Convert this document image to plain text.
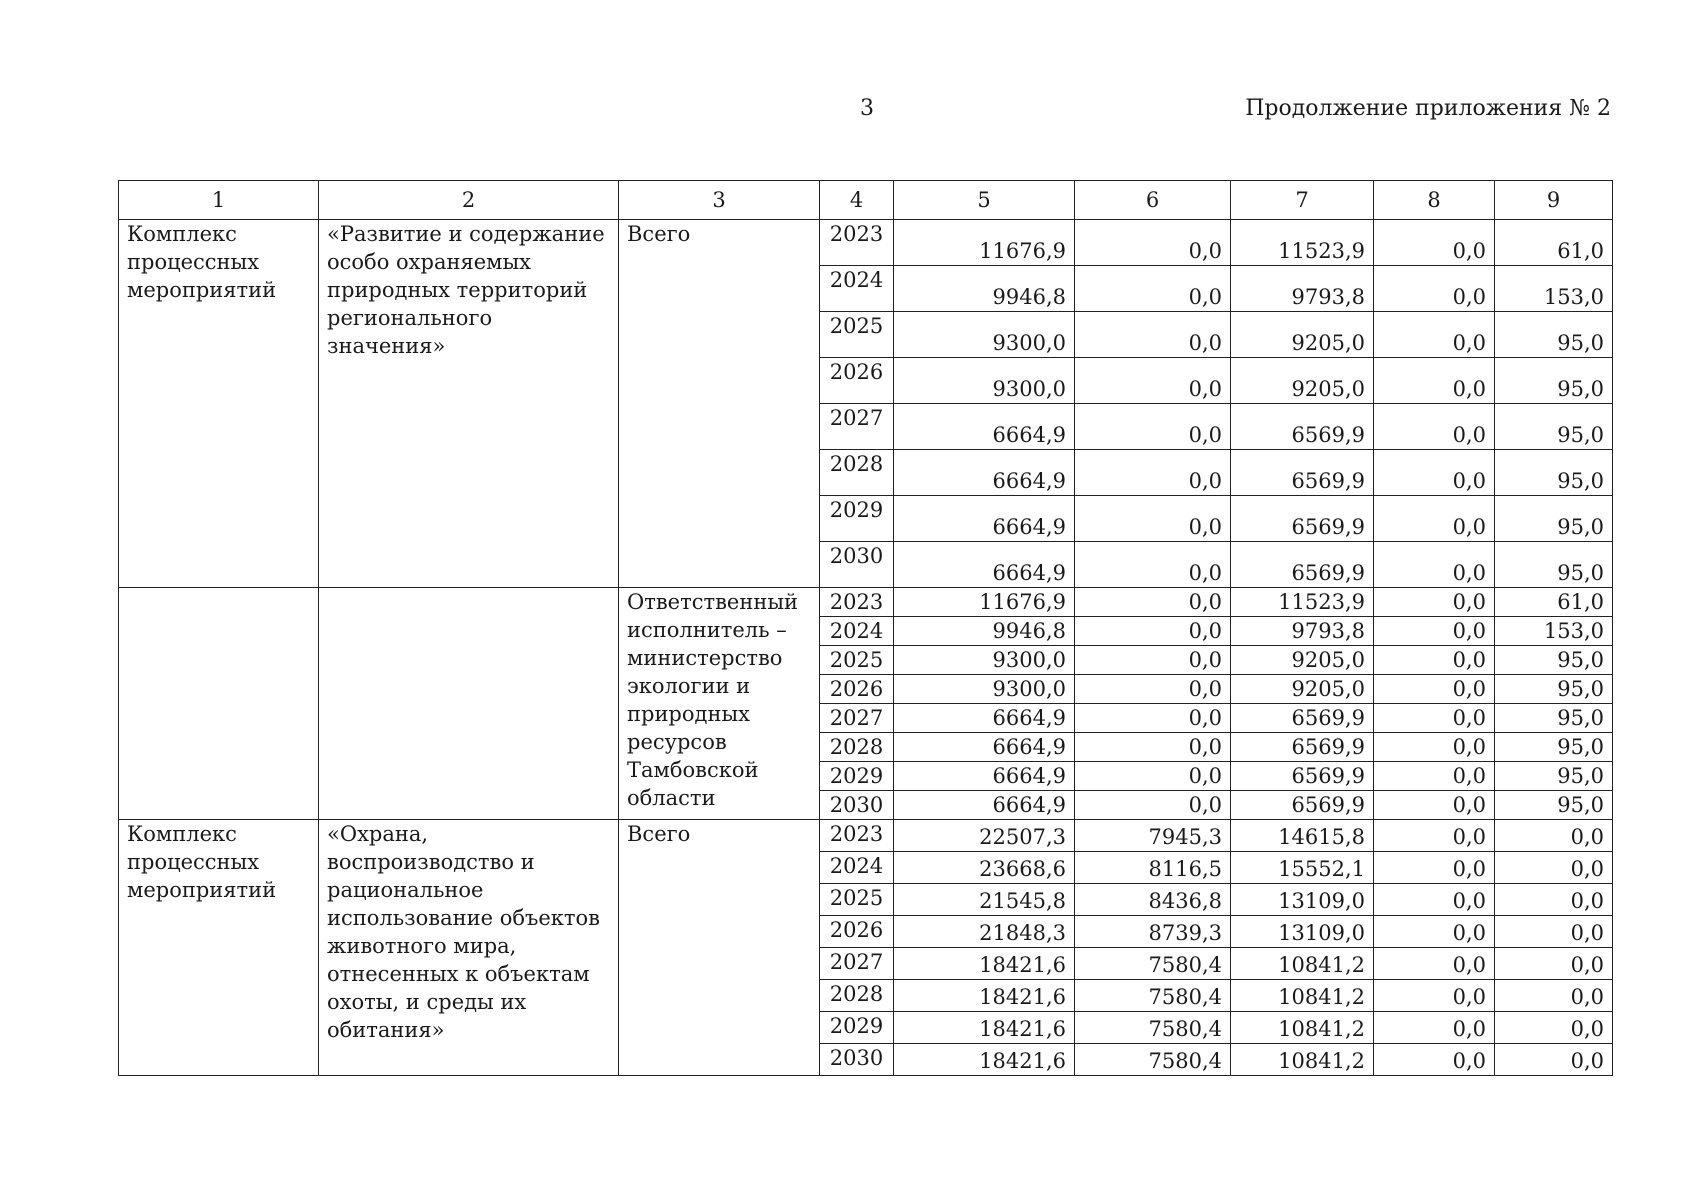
3	Продолжение приложения № 2
1	2	3	4	5	6	7	8	9
Комплекс процессных мероприятий	«Развитие и содержание особо охраняемых природных территорий регионального значения»	Всего	2023	11676,9	0,0	11523,9	0,0	61,0
			2024	9946,8	0,0	9793,8	0,0	153,0
			2025	9300,0	0,0	9205,0	0,0	95,0
			2026	9300,0	0,0	9205,0	0,0	95,0
			2027	6664,9	0,0	6569,9	0,0	95,0
			2028	6664,9	0,0	6569,9	0,0	95,0
			2029	6664,9	0,0	6569,9	0,0	95,0
			2030	6664,9	0,0	6569,9	0,0	95,0
		Ответственный исполнитель – министерство экологии и природных ресурсов Тамбовской области	2023	11676,9	0,0	11523,9	0,0	61,0
			2024	9946,8	0,0	9793,8	0,0	153,0
			2025	9300,0	0,0	9205,0	0,0	95,0
			2026	9300,0	0,0	9205,0	0,0	95,0
			2027	6664,9	0,0	6569,9	0,0	95,0
			2028	6664,9	0,0	6569,9	0,0	95,0
			2029	6664,9	0,0	6569,9	0,0	95,0
			2030	6664,9	0,0	6569,9	0,0	95,0
Комплекс процессных мероприятий	«Охрана, воспроизводство и рациональное использование объектов животного мира, отнесенных к объектам охоты, и среды их обитания»	Всего	2023	22507,3	7945,3	14615,8	0,0	0,0
			2024	23668,6	8116,5	15552,1	0,0	0,0
			2025	21545,8	8436,8	13109,0	0,0	0,0
			2026	21848,3	8739,3	13109,0	0,0	0,0
			2027	18421,6	7580,4	10841,2	0,0	0,0
			2028	18421,6	7580,4	10841,2	0,0	0,0
			2029	18421,6	7580,4	10841,2	0,0	0,0
			2030	18421,6	7580,4	10841,2	0,0	0,0
